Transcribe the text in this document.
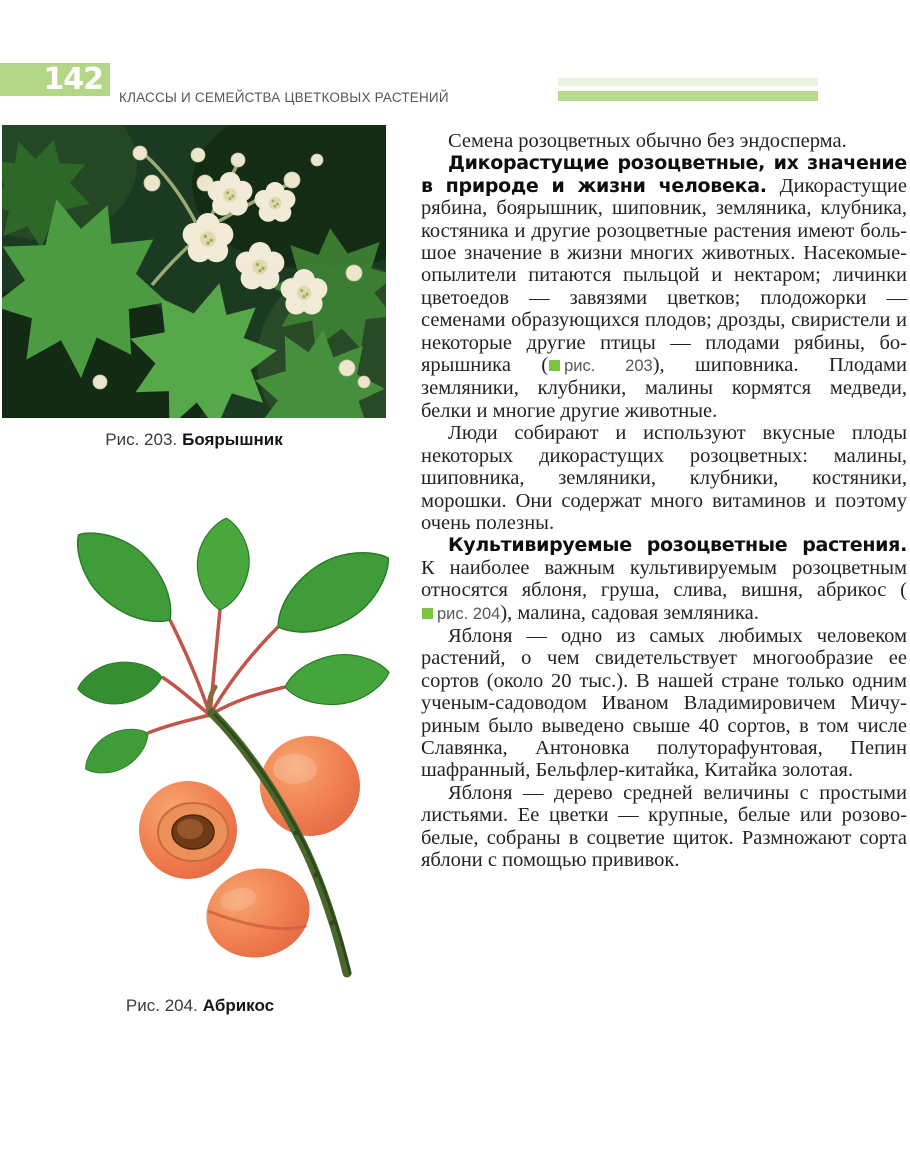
142
КЛАССЫ И СЕМЕЙСТВА ЦВЕТКОВЫХ РАСТЕНИЙ
Рис. 203. Боярышник
Рис. 204. Абрикос

Семена розоцветных обычно без эндосперма.

Дикорастущие розоцветные, их значение в природе и жизни человека. Дикорастущие рябина, боярышник, шиповник, земляника, клубника, костяника и другие розоцветные растения имеют большое значение в жизни многих животных. Насекомые-опылители питаются пыльцой и нектаром; личинки цветоедов — завязями цветков; плодожорки — семенами образующихся плодов; дрозды, свиристели и некоторые другие птицы — плодами рябины, боярышника ( рис. 203), шиповника. Плодами земляники, клубники, малины кормятся медведи, белки и многие другие животные.

Люди собирают и используют вкусные плоды некоторых дикорастущих розоцветных: малины, шиповника, земляники, клубники, костяники, морошки. Они содержат много витаминов и поэтому очень полезны.

Культивируемые розоцветные растения. К наиболее важным культивируемым розоцветным относятся яблоня, груша, слива, вишня, абрикос (рис. 204), малина, садовая земляника.

Яблоня — одно из самых любимых человеком растений, о чем свидетельствует многообразие ее сортов (около 20 тыс.). В нашей стране только одним ученым-садоводом Иваном Владимировичем Мичуриным было выведено свыше 40 сортов, в том числе Славянка, Антоновка полуторафунтовая, Пепин шафранный, Бельфлер-китайка, Китайка золотая.

Яблоня — дерево средней величины с простыми листьями. Ее цветки — крупные, белые или розово-белые, собраны в соцветие щиток. Размножают сорта яблони с помощью прививок.
